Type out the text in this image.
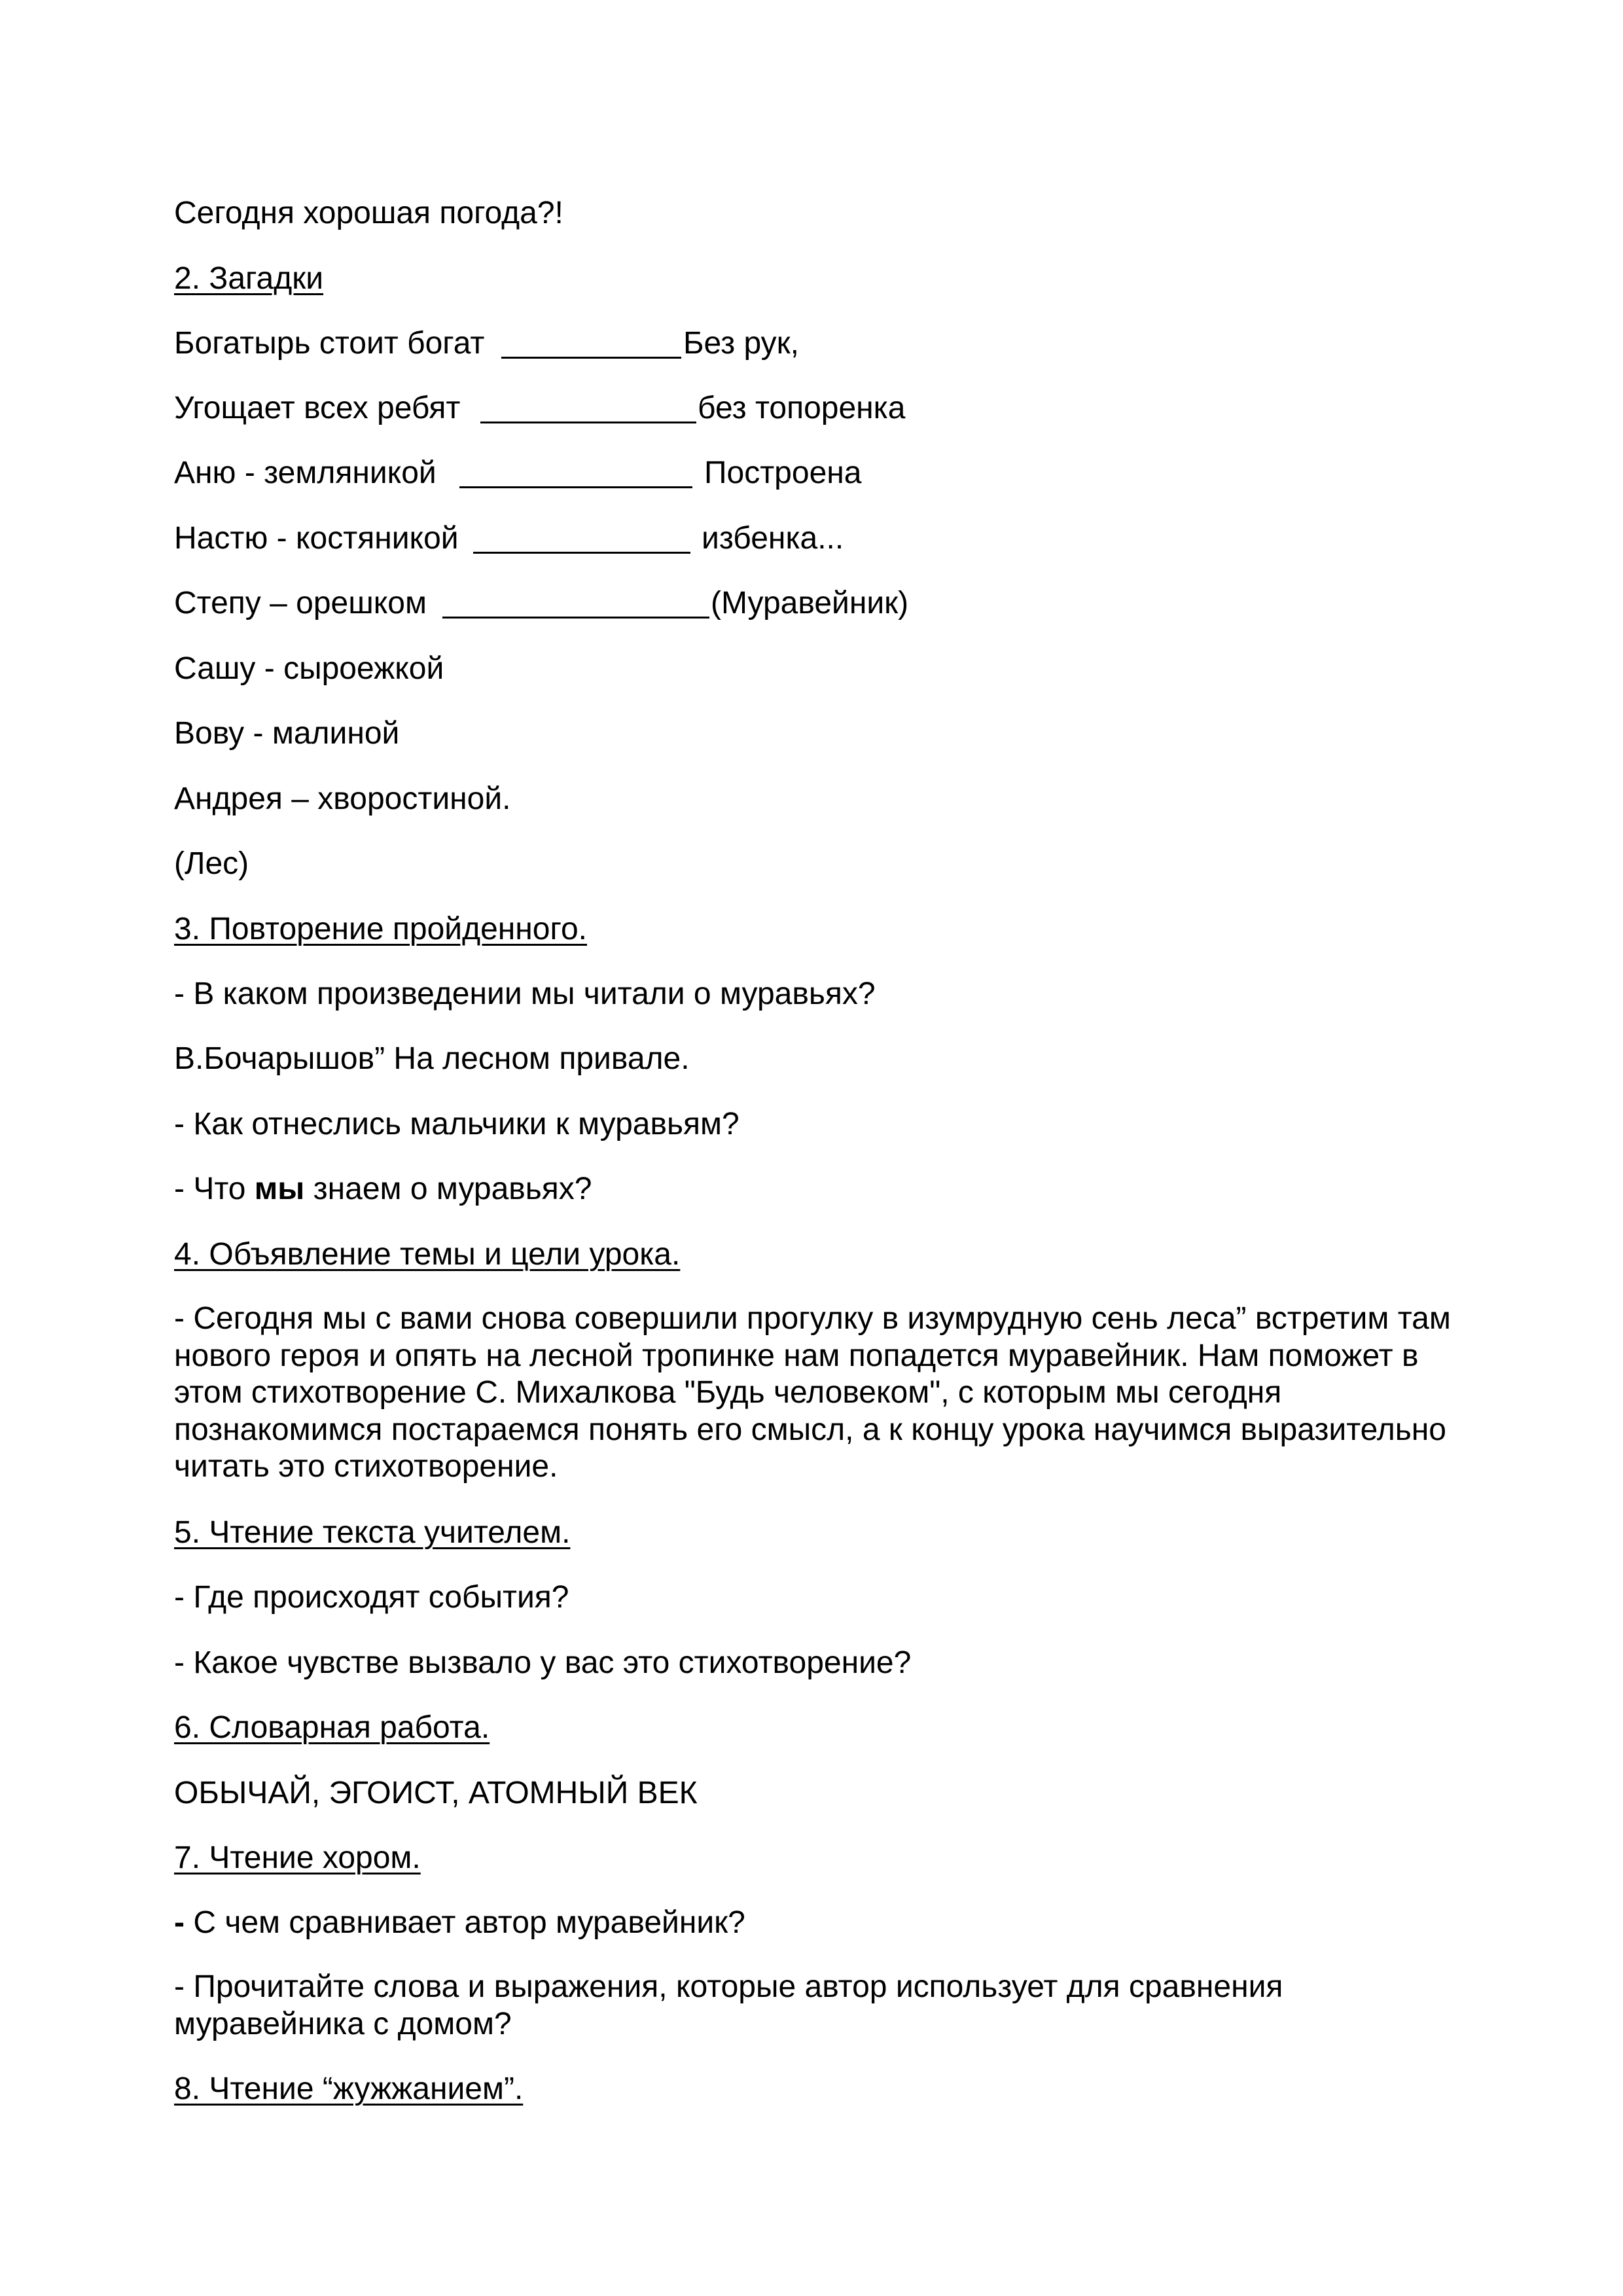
Сегодня хорошая погода?!
2. Загадки
Богатырь стоит богат	Без рук,
Угощает всех ребят	без топоренка
Аню - земляникой	Построена
Настю - костяникой	избенка...
Степу – орешком	(Муравейник)
Сашу - сыроежкой
Вову - малиной
Андрея – хворостиной.
(Лес)
3. Повторение пройденного.
- В каком произведении мы читали о муравьях?
В.Бочарышов” На лесном привале.
- Как отнеслись мальчики к муравьям?
- Что мы знаем о муравьях?
4. Объявление темы и цели урока.
- Сегодня мы с вами снова совершили прогулку в изумрудную сень леса” встретим там нового героя и опять на лесной тропинке нам попадется муравейник. Нам поможет в этом стихотворение С. Михалкова "Будь человеком", с которым мы сегодня познакомимся постараемся понять его смысл, а к концу урока научимся выразительно читать это стихотворение.
5. Чтение текста учителем.
- Где происходят события?
- Какое чувстве вызвало у вас это стихотворение?
6. Словарная работа.
ОБЫЧАЙ, ЭГОИСТ, АТОМНЫЙ ВЕК
7. Чтение хором.
- С чем сравнивает автор муравейник?
- Прочитайте слова и выражения, которые автор использует для сравнения муравейника с домом?
8. Чтение “жужжанием”.
